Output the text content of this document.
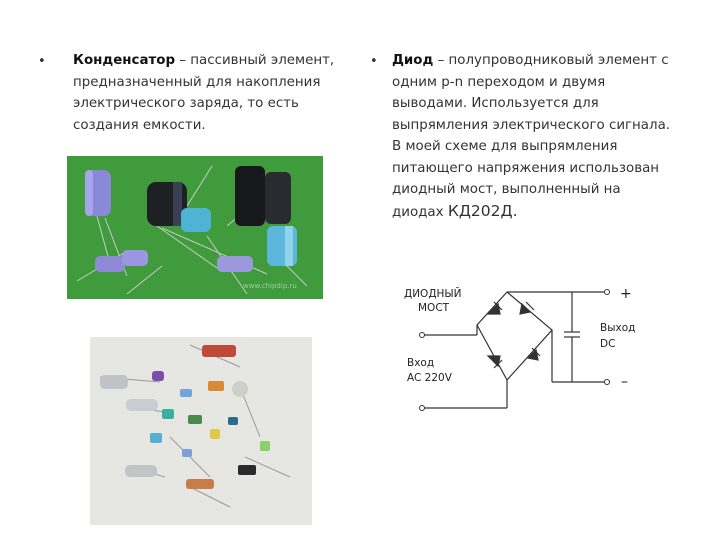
• Конденсатор – пассивный элемент, предназначенный для накопления электрического заряда, то есть создания емкости.
• Диод – полупроводниковый элемент с одним p-n переходом и двумя выводами. Используется для выпрямления электрического сигнала. В моей схеме для выпрямления питающего напряжения использован диодный мост, выполненный на диодах КД202Д.
www.chipdip.ru
ДИОДНЫЙ
МОСТ
Вход
AC 220V
Выход
DC
+
–
